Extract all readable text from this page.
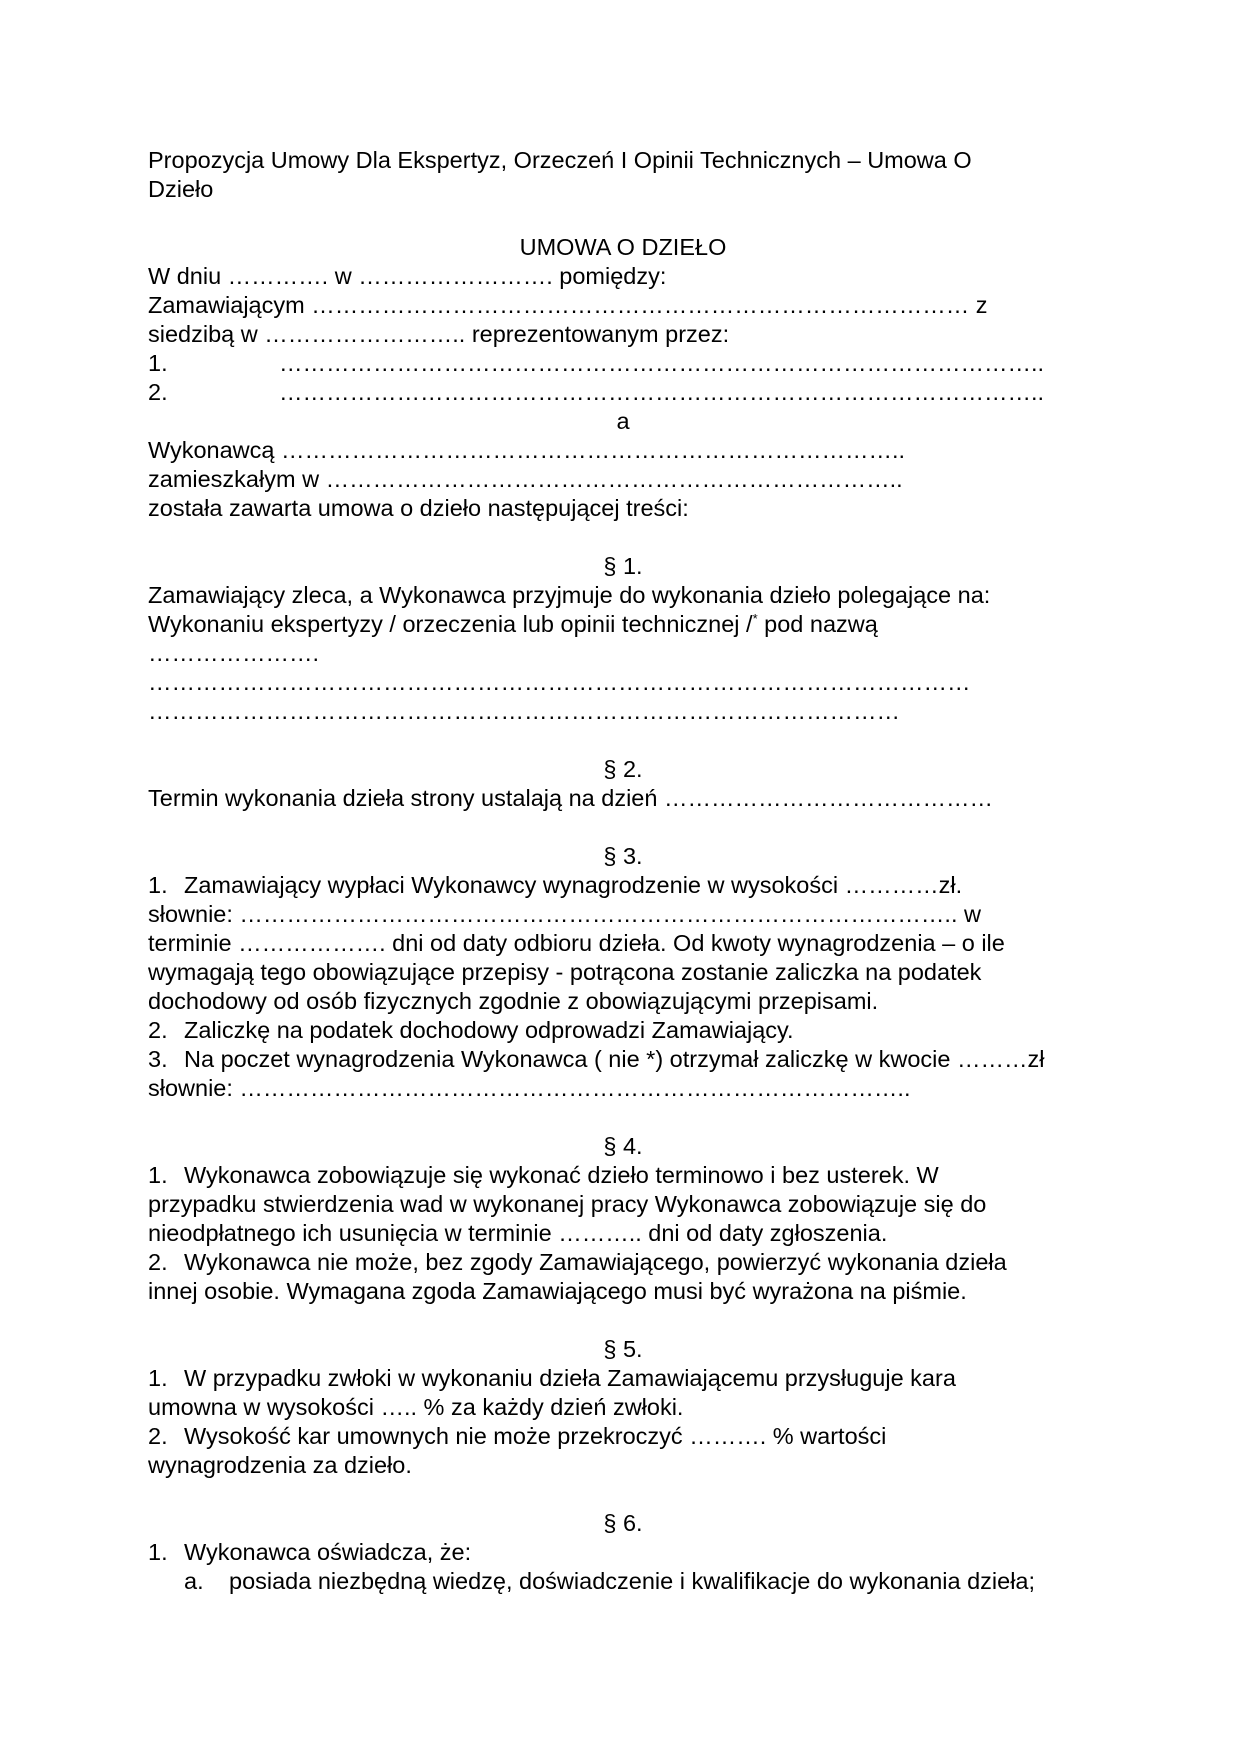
Propozycja Umowy Dla Ekspertyz, Orzeczeń I Opinii Technicznych – Umowa O
Dzieło
UMOWA O DZIEŁO
W dniu …………. w ……………………. pomiędzy:
Zamawiającym ………………………………………………………………………… z
siedzibą w …………………….. reprezentowanym przez:
1.	……………………………………………………………………………………..
2.	……………………………………………………………………………………..
a
Wykonawcą ……………………………………………………………………..
zamieszkałym w ………………………………………………………………..
została zawarta umowa o dzieło następującej treści:
§ 1.
Zamawiający zleca, a Wykonawca przyjmuje do wykonania dzieło polegające na:
Wykonaniu ekspertyzy / orzeczenia lub opinii technicznej /* pod nazwą
………………….
……………………………………………………………………………………………
……………………………………………………………………………………
§ 2.
Termin wykonania dzieła strony ustalają na dzień ……………………………………
§ 3.
1. Zamawiający wypłaci Wykonawcy wynagrodzenie w wysokości …………zł.
słownie: ……………………………………………………………………………….. w
terminie ………………. dni od daty odbioru dzieła. Od kwoty wynagrodzenia – o ile
wymagają tego obowiązujące przepisy - potrącona zostanie zaliczka na podatek
dochodowy od osób fizycznych zgodnie z obowiązującymi przepisami.
2. Zaliczkę na podatek dochodowy odprowadzi Zamawiający.
3. Na poczet wynagrodzenia Wykonawca ( nie *) otrzymał zaliczkę w kwocie ………zł
słownie: …………………………………………………………………………..
§ 4.
1. Wykonawca zobowiązuje się wykonać dzieło terminowo i bez usterek. W
przypadku stwierdzenia wad w wykonanej pracy Wykonawca zobowiązuje się do
nieodpłatnego ich usunięcia w terminie ……….. dni od daty zgłoszenia.
2. Wykonawca nie może, bez zgody Zamawiającego, powierzyć wykonania dzieła
innej osobie. Wymagana zgoda Zamawiającego musi być wyrażona na piśmie.
§ 5.
1. W przypadku zwłoki w wykonaniu dzieła Zamawiającemu przysługuje kara
umowna w wysokości ….. % za każdy dzień zwłoki.
2. Wysokość kar umownych nie może przekroczyć ………. % wartości
wynagrodzenia za dzieło.
§ 6.
1. Wykonawca oświadcza, że:
a. posiada niezbędną wiedzę, doświadczenie i kwalifikacje do wykonania dzieła;
